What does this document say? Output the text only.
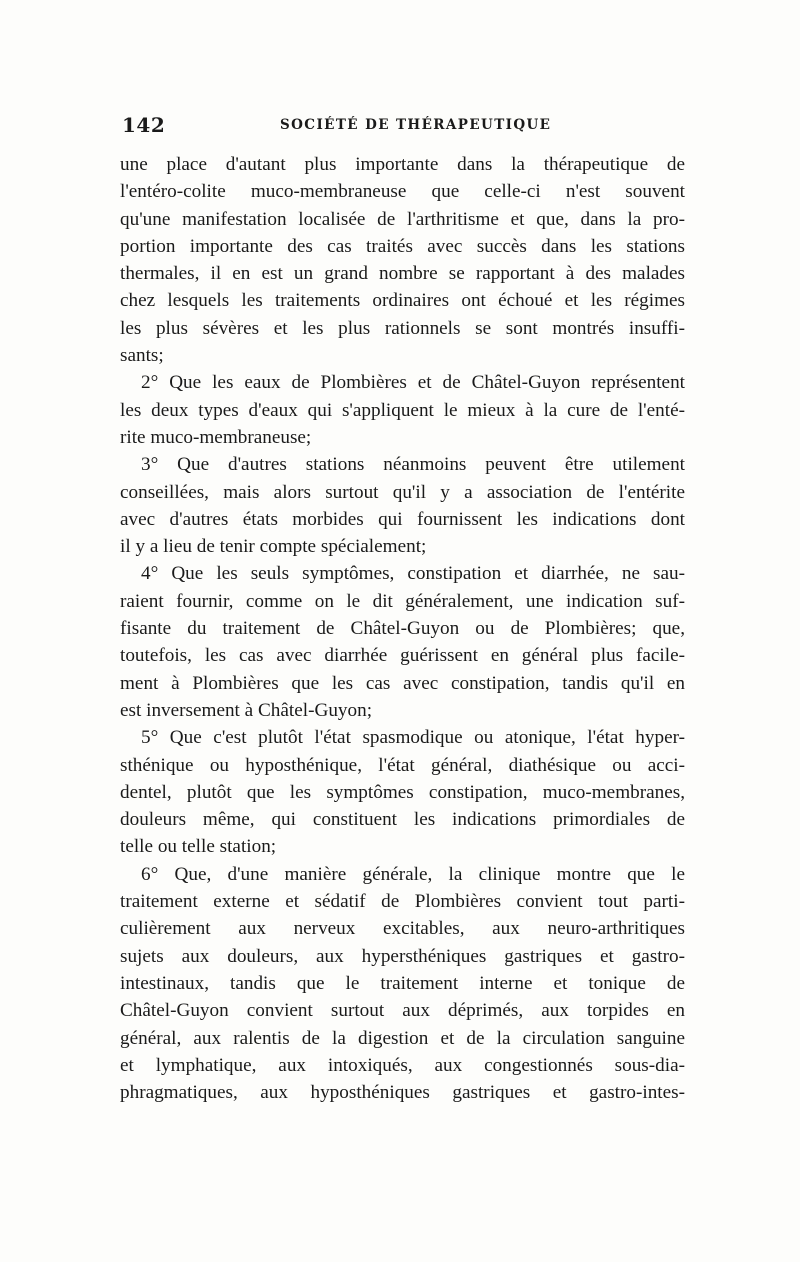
142	SOCIÉTÉ DE THÉRAPEUTIQUE
une place d'autant plus importante dans la thérapeutique de
l'entéro-colite muco-membraneuse que celle-ci n'est souvent
qu'une manifestation localisée de l'arthritisme et que, dans la pro-
portion importante des cas traités avec succès dans les stations
thermales, il en est un grand nombre se rapportant à des malades
chez lesquels les traitements ordinaires ont échoué et les régimes
les plus sévères et les plus rationnels se sont montrés insuffi-
sants;
2° Que les eaux de Plombières et de Châtel-Guyon représentent
les deux types d'eaux qui s'appliquent le mieux à la cure de l'enté-
rite muco-membraneuse;
3° Que d'autres stations néanmoins peuvent être utilement
conseillées, mais alors surtout qu'il y a association de l'entérite
avec d'autres états morbides qui fournissent les indications dont
il y a lieu de tenir compte spécialement;
4° Que les seuls symptômes, constipation et diarrhée, ne sau-
raient fournir, comme on le dit généralement, une indication suf-
fisante du traitement de Châtel-Guyon ou de Plombières; que,
toutefois, les cas avec diarrhée guérissent en général plus facile-
ment à Plombières que les cas avec constipation, tandis qu'il en
est inversement à Châtel-Guyon;
5° Que c'est plutôt l'état spasmodique ou atonique, l'état hyper-
sthénique ou hyposthénique, l'état général, diathésique ou acci-
dentel, plutôt que les symptômes constipation, muco-membranes,
douleurs même, qui constituent les indications primordiales de
telle ou telle station;
6° Que, d'une manière générale, la clinique montre que le
traitement externe et sédatif de Plombières convient tout parti-
culièrement aux nerveux excitables, aux neuro-arthritiques
sujets aux douleurs, aux hypersthéniques gastriques et gastro-
intestinaux, tandis que le traitement interne et tonique de
Châtel-Guyon convient surtout aux déprimés, aux torpides en
général, aux ralentis de la digestion et de la circulation sanguine
et lymphatique, aux intoxiqués, aux congestionnés sous-dia-
phragmatiques, aux hyposthéniques gastriques et gastro-intes-
